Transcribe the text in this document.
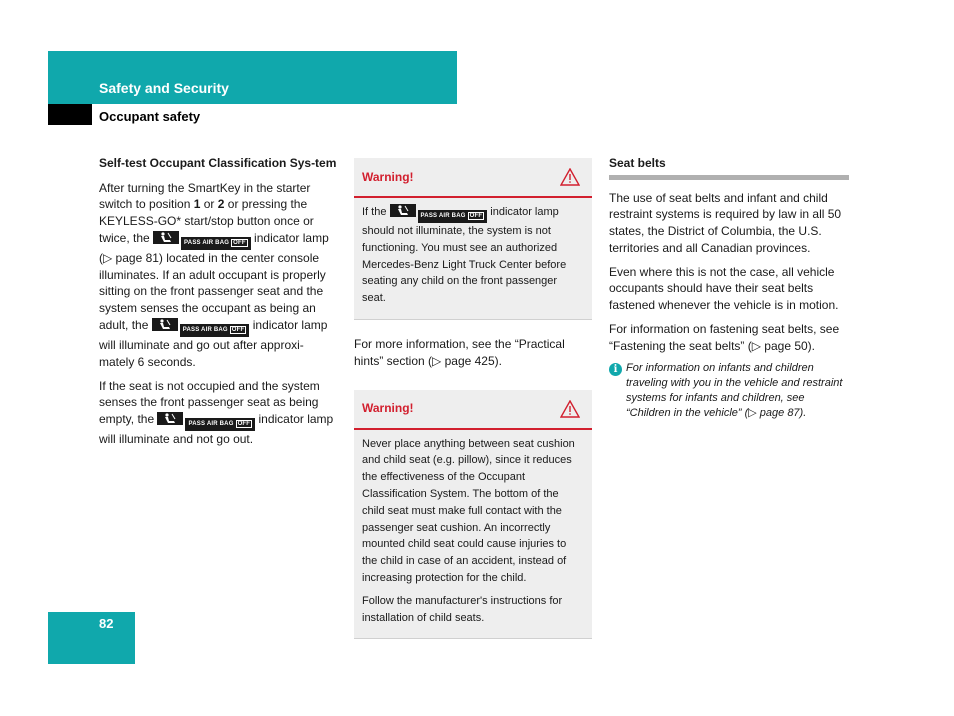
Safety and Security
Occupant safety
Self-test Occupant Classification Sys-tem

After turning the SmartKey in the starter switch to position 1 or 2 or pressing the KEYLESS-GO* start/stop button once or twice, the	PASS AIR BAG OFF indicator lamp (▷ page 81) located in the center console illuminates. If an adult occupant is properly sitting on the front passenger seat and the system senses the occupant as being an adult, the	PASS AIR BAG OFF indicator lamp will illuminate and go out after approxi-mately 6 seconds.

If the seat is not occupied and the system senses the front passenger seat as being empty, the	PASS AIR BAG OFF indicator lamp will illuminate and not go out.

Warning!

If the	PASS AIR BAG OFF indicator lamp should not illuminate, the system is not functioning. You must see an authorized Mercedes-Benz Light Truck Center before seating any child on the front passenger seat.

For more information, see the “Practical hints” section (▷ page 425).

Warning!

Never place anything between seat cushion and child seat (e.g. pillow), since it reduces the effectiveness of the Occupant Classification System. The bottom of the child seat must make full contact with the passenger seat cushion. An incorrectly mounted child seat could cause injuries to the child in case of an accident, instead of increasing protection for the child.

Follow the manufacturer's instructions for installation of child seats.

Seat belts

The use of seat belts and infant and child restraint systems is required by law in all 50 states, the District of Columbia, the U.S. territories and all Canadian provinces.

Even where this is not the case, all vehicle occupants should have their seat belts fastened whenever the vehicle is in motion.

For information on fastening seat belts, see “Fastening the seat belts” (▷ page 50).

i For information on infants and children traveling with you in the vehicle and restraint systems for infants and children, see “Children in the vehicle” (▷ page 87).
82
